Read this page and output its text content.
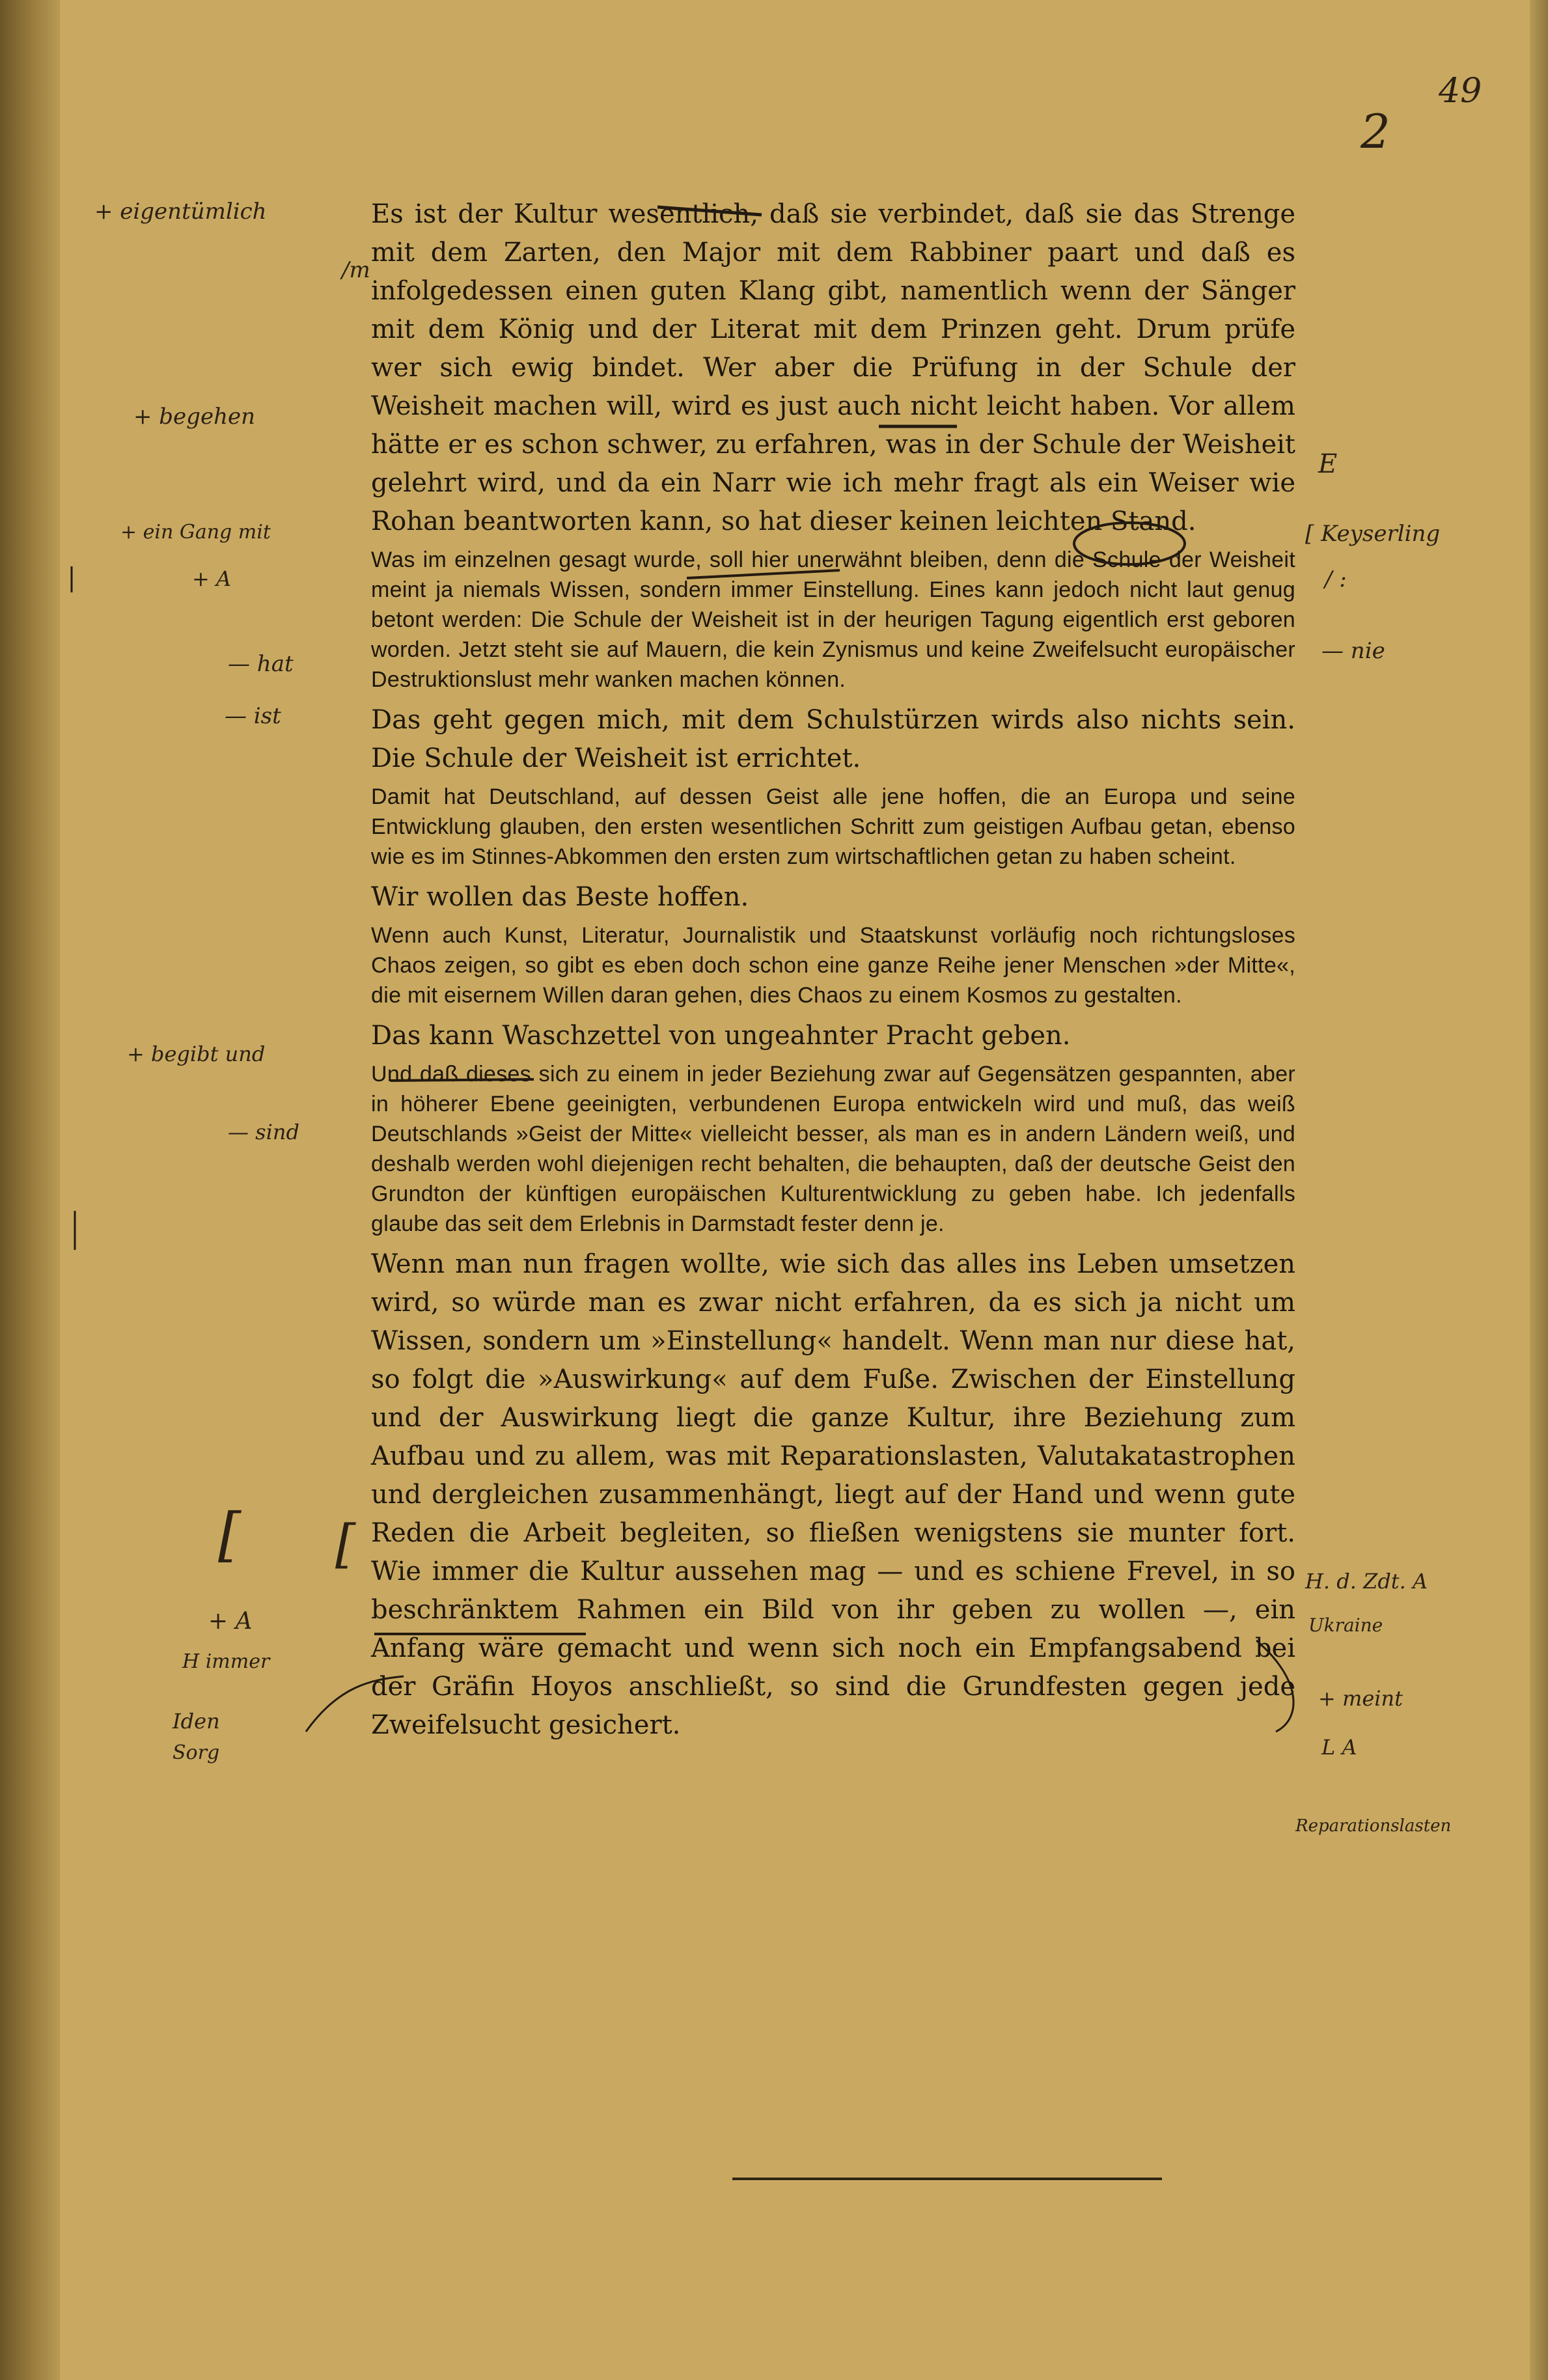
49
2

Es ist der Kultur wesentlich, daß sie verbindet, daß sie das Strenge mit dem Zarten, den Major mit dem Rabbiner paart und daß es infolgedessen einen guten Klang gibt, namentlich wenn der Sänger mit dem König und der Literat mit dem Prinzen geht. Drum prüfe wer sich ewig bindet. Wer aber die Prüfung in der Schule der Weisheit machen will, wird es just auch nicht leicht haben. Vor allem hätte er es schon schwer, zu erfahren, was in der Schule der Weisheit gelehrt wird, und da ein Narr wie ich mehr fragt als ein Weiser wie Rohan beantworten kann, so hat dieser keinen leichten Stand.

Was im einzelnen gesagt wurde, soll hier unerwähnt bleiben, denn die Schule der Weisheit meint ja niemals Wissen, sondern immer Einstellung. Eines kann jedoch nicht laut genug betont werden: Die Schule der Weisheit ist in der heurigen Tagung eigentlich erst geboren worden. Jetzt steht sie auf Mauern, die kein Zynismus und keine Zweifelsucht europäischer Destruktionslust mehr wanken machen können.

Das geht gegen mich, mit dem Schulstürzen wirds also nichts sein. Die Schule der Weisheit ist errichtet.

Damit hat Deutschland, auf dessen Geist alle jene hoffen, die an Europa und seine Entwicklung glauben, den ersten wesentlichen Schritt zum geistigen Aufbau getan, ebenso wie es im Stinnes-Abkommen den ersten zum wirtschaftlichen getan zu haben scheint.

Wir wollen das Beste hoffen.

Wenn auch Kunst, Literatur, Journalistik und Staatskunst vorläufig noch richtungsloses Chaos zeigen, so gibt es eben doch schon eine ganze Reihe jener Menschen »der Mitte«, die mit eisernem Willen daran gehen, dies Chaos zu einem Kosmos zu gestalten.

Das kann Waschzettel von ungeahnter Pracht geben.

Und daß dieses sich zu einem in jeder Beziehung zwar auf Gegensätzen gespannten, aber in höherer Ebene geeinigten, verbundenen Europa entwickeln wird und muß, das weiß Deutschlands »Geist der Mitte« vielleicht besser, als man es in andern Ländern weiß, und deshalb werden wohl diejenigen recht behalten, die behaupten, daß der deutsche Geist den Grundton der künftigen europäischen Kulturentwicklung zu geben habe. Ich jedenfalls glaube das seit dem Erlebnis in Darmstadt fester denn je.

Wenn man nun fragen wollte, wie sich das alles ins Leben umsetzen wird, so würde man es zwar nicht erfahren, da es sich ja nicht um Wissen, sondern um »Einstellung« handelt. Wenn man nur diese hat, so folgt die »Auswirkung« auf dem Fuße. Zwischen der Einstellung und der Auswirkung liegt die ganze Kultur, ihre Beziehung zum Aufbau und zu allem, was mit Reparationslasten, Valutakatastrophen und dergleichen zusammenhängt, liegt auf der Hand und wenn gute Reden die Arbeit begleiten, so fließen wenigstens sie munter fort. Wie immer die Kultur aussehen mag — und es schiene Frevel, in so beschränktem Rahmen ein Bild von ihr geben zu wollen —, ein Anfang wäre gemacht und wenn sich noch ein Empfangsabend bei der Gräfin Hoyos anschließt, so sind die Grundfesten gegen jede Zweifelsucht gesichert.

+ eigentümlich
/m
+ begehen
+ ein Gang mit
+ A
— hat
— ist
[ Keyserling
/ :
— nie
E
+ begibt und
— sind
[ [
+ A
H immer
Iden
Sorg
H. d. Zdt. A
Ukraine
+ meint
L A
Reparationslasten
